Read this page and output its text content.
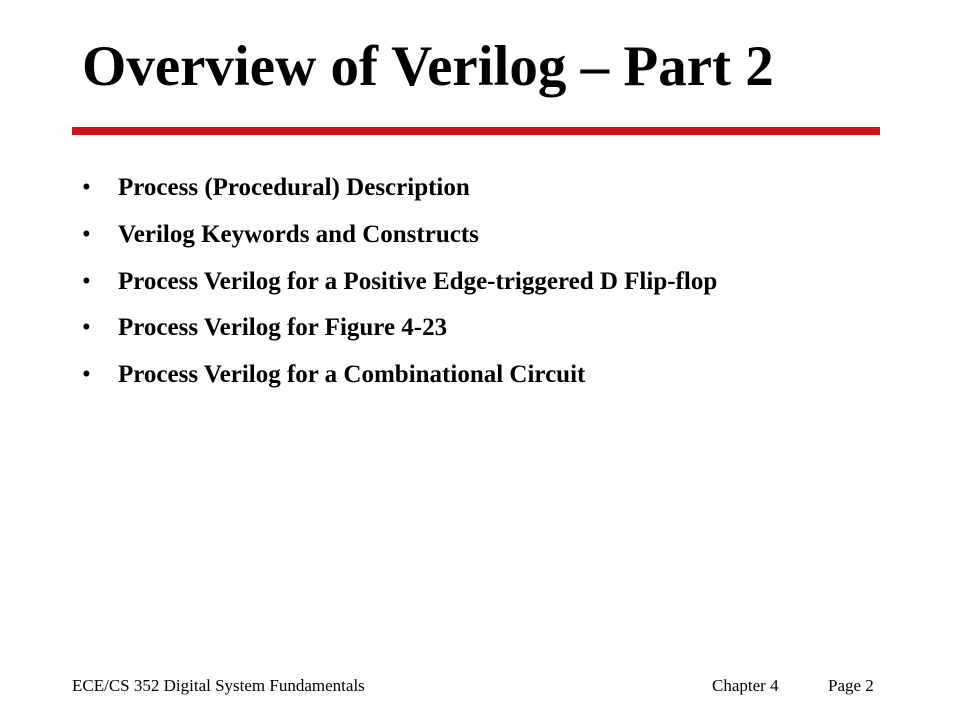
Overview of Verilog – Part 2
• Process (Procedural) Description
• Verilog Keywords and Constructs
• Process Verilog for a Positive Edge-triggered D Flip-flop
• Process Verilog for Figure 4-23
• Process Verilog for a Combinational Circuit
ECE/CS 352 Digital System Fundamentals	Chapter 4	Page 2
